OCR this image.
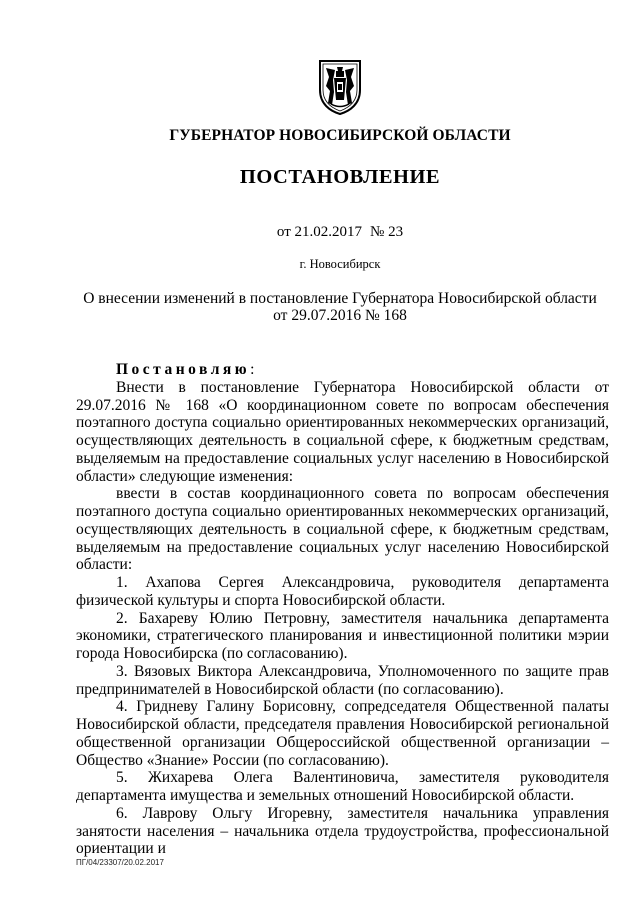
ГУБЕРНАТОР НОВОСИБИРСКОЙ ОБЛАСТИ
ПОСТАНОВЛЕНИЕ
от 21.02.2017 № 23
г. Новосибирск
О внесении изменений в постановление Губернатора Новосибирской области
от 29.07.2016 № 168

Постановляю:

Внести в постановление Губернатора Новосибирской области от 29.07.2016 № 168 «О координационном совете по вопросам обеспечения поэтапного доступа социально ориентированных некоммерческих организаций, осуществляющих деятельность в социальной сфере, к бюджетным средствам, выделяемым на предоставление социальных услуг населению в Новосибирской области» следующие изменения:

ввести в состав координационного совета по вопросам обеспечения поэтапного доступа социально ориентированных некоммерческих организаций, осуществляющих деятельность в социальной сфере, к бюджетным средствам, выделяемым на предоставление социальных услуг населению Новосибирской области:

1. Ахапова Сергея Александровича, руководителя департамента физической культуры и спорта Новосибирской области.

2. Бахареву Юлию Петровну, заместителя начальника департамента экономики, стратегического планирования и инвестиционной политики мэрии города Новосибирска (по согласованию).

3. Вязовых Виктора Александровича, Уполномоченного по защите прав предпринимателей в Новосибирской области (по согласованию).

4. Гридневу Галину Борисовну, сопредседателя Общественной палаты Новосибирской области, председателя правления Новосибирской региональной общественной организации Общероссийской общественной организации – Общество «Знание» России (по согласованию).

5. Жихарева Олега Валентиновича, заместителя руководителя департамента имущества и земельных отношений Новосибирской области.

6. Лаврову Ольгу Игоревну, заместителя начальника управления занятости населения – начальника отдела трудоустройства, профессиональной ориентации и

ПГ/04/23307/20.02.2017
